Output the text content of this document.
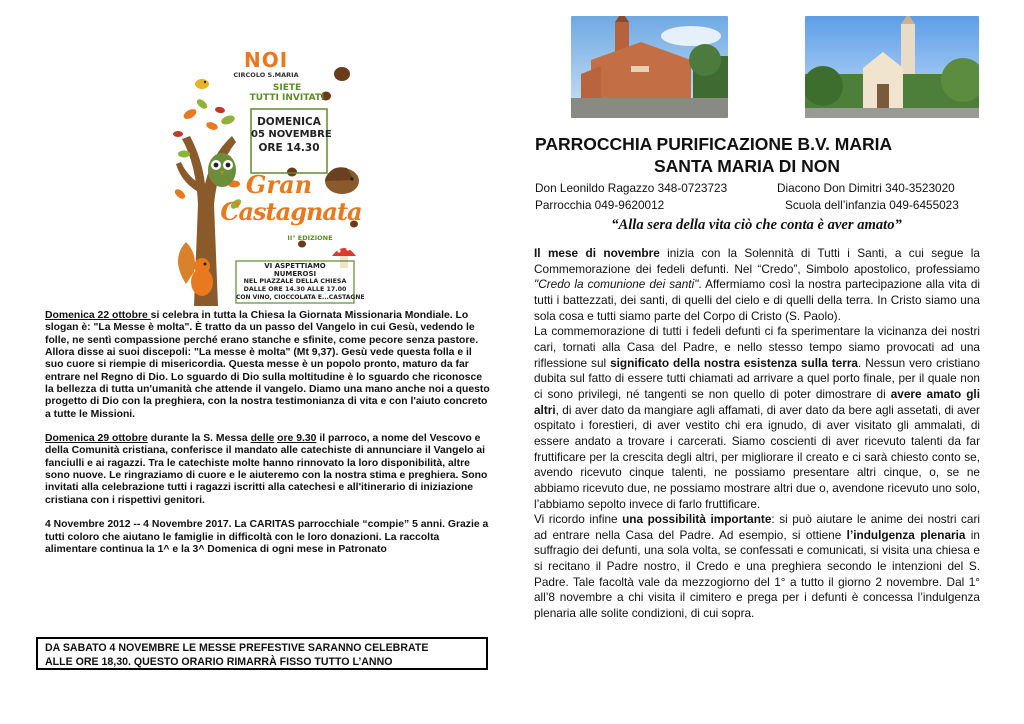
NOI
CIRCOLO S.MARIA
SIETE
TUTTI INVITATI
DOMENICA
05 NOVEMBRE
ORE 14.30
Gran
Castagnata
II° EDIZIONE
VI ASPETTIAMO
NUMEROSI
NEL PIAZZALE DELLA CHIESA
DALLE ORE 14.30 ALLE 17.00
CON VINO, CIOCCOLATA E...CASTAGNE

Domenica 22 ottobre si celebra in tutta la Chiesa la Giornata Missionaria Mondiale. Lo slogan è: "La Messe è molta". È tratto da un passo del Vangelo in cui Gesù, vedendo le folle, ne sentì compassione perché erano stanche e sfinite, come pecore senza pastore. Allora disse ai suoi discepoli: "La messe è molta" (Mt 9,37). Gesù vede questa folla e il suo cuore si riempie di misericordia. Questa messe è un popolo pronto, maturo da far entrare nel Regno di Dio. Lo sguardo di Dio sulla moltitudine è lo sguardo che riconosce la bellezza di tutta un'umanità che attende il vangelo. Diamo una mano anche noi a questo progetto di Dio con la preghiera, con la nostra testimonianza di vita e con l'aiuto concreto a tutte le Missioni.

Domenica 29 ottobre durante la S. Messa delle ore 9.30 il parroco, a nome del Vescovo e della Comunità cristiana, conferisce il mandato alle catechiste di annunciare il Vangelo ai fanciulli e ai ragazzi. Tra le catechiste molte hanno rinnovato la loro disponibilità, altre sono nuove. Le ringraziamo di cuore e le aiuteremo con la nostra stima e preghiera. Sono invitati alla celebrazione tutti i ragazzi iscritti alla catechesi e all'itinerario di iniziazione cristiana con i rispettivi genitori.

4 Novembre 2012 -- 4 Novembre 2017. La CARITAS parrocchiale “compie” 5 anni. Grazie a tutti coloro che aiutano le famiglie in difficoltà con le loro donazioni. La raccolta alimentare continua la 1^ e la 3^ Domenica di ogni mese in Patronato

DA SABATO 4 NOVEMBRE LE MESSE PREFESTIVE SARANNO CELEBRATE
ALLE ORE 18,30. QUESTO ORARIO RIMARRÀ FISSO TUTTO L’ANNO
PARROCCHIA PURIFICAZIONE B.V. MARIA
SANTA MARIA DI NON
Don Leonildo Ragazzo 348-0723723	Diacono Don Dimitri 340-3523020
Parrocchia 049-9620012	Scuola dell’infanzia 049-6455023
“Alla sera della vita ciò che conta è aver amato”

Il mese di novembre inizia con la Solennità di Tutti i Santi, a cui segue la Commemorazione dei fedeli defunti. Nel “Credo”, Simbolo apostolico, professiamo "Credo la comunione dei santi". Affermiamo così la nostra partecipazione alla vita di tutti i battezzati, dei santi, di quelli del cielo e di quelli della terra. In Cristo siamo una sola cosa e tutti siamo parte del Corpo di Cristo (S. Paolo).

La commemorazione di tutti i fedeli defunti ci fa sperimentare la vicinanza dei nostri cari, tornati alla Casa del Padre, e nello stesso tempo siamo provocati ad una riflessione sul significato della nostra esistenza sulla terra. Nessun vero cristiano dubita sul fatto di essere tutti chiamati ad arrivare a quel porto finale, per il quale non ci sono privilegi, né tangenti se non quello di poter dimostrare di avere amato gli altri, di aver dato da mangiare agli affamati, di aver dato da bere agli assetati, di aver ospitato i forestieri, di aver vestito chi era ignudo, di aver visitato gli ammalati, di essere andato a trovare i carcerati. Siamo coscienti di aver ricevuto talenti da far fruttificare per la crescita degli altri, per migliorare il creato e ci sarà chiesto conto se, avendo ricevuto cinque talenti, ne possiamo presentare altri cinque, o, se ne abbiamo ricevuto due, ne possiamo mostrare altri due o, avendone ricevuto uno solo, l’abbiamo sepolto invece di farlo fruttificare.

Vi ricordo infine una possibilità importante: si può aiutare le anime dei nostri cari ad entrare nella Casa del Padre. Ad esempio, si ottiene l’indulgenza plenaria in suffragio dei defunti, una sola volta, se confessati e comunicati, si visita una chiesa e si recitano il Padre nostro, il Credo e una preghiera secondo le intenzioni del S. Padre. Tale facoltà vale da mezzogiorno del 1° a tutto il giorno 2 novembre. Dal 1° all’8 novembre a chi visita il cimitero e prega per i defunti è concessa l’indulgenza plenaria alle solite condizioni, di cui sopra.
